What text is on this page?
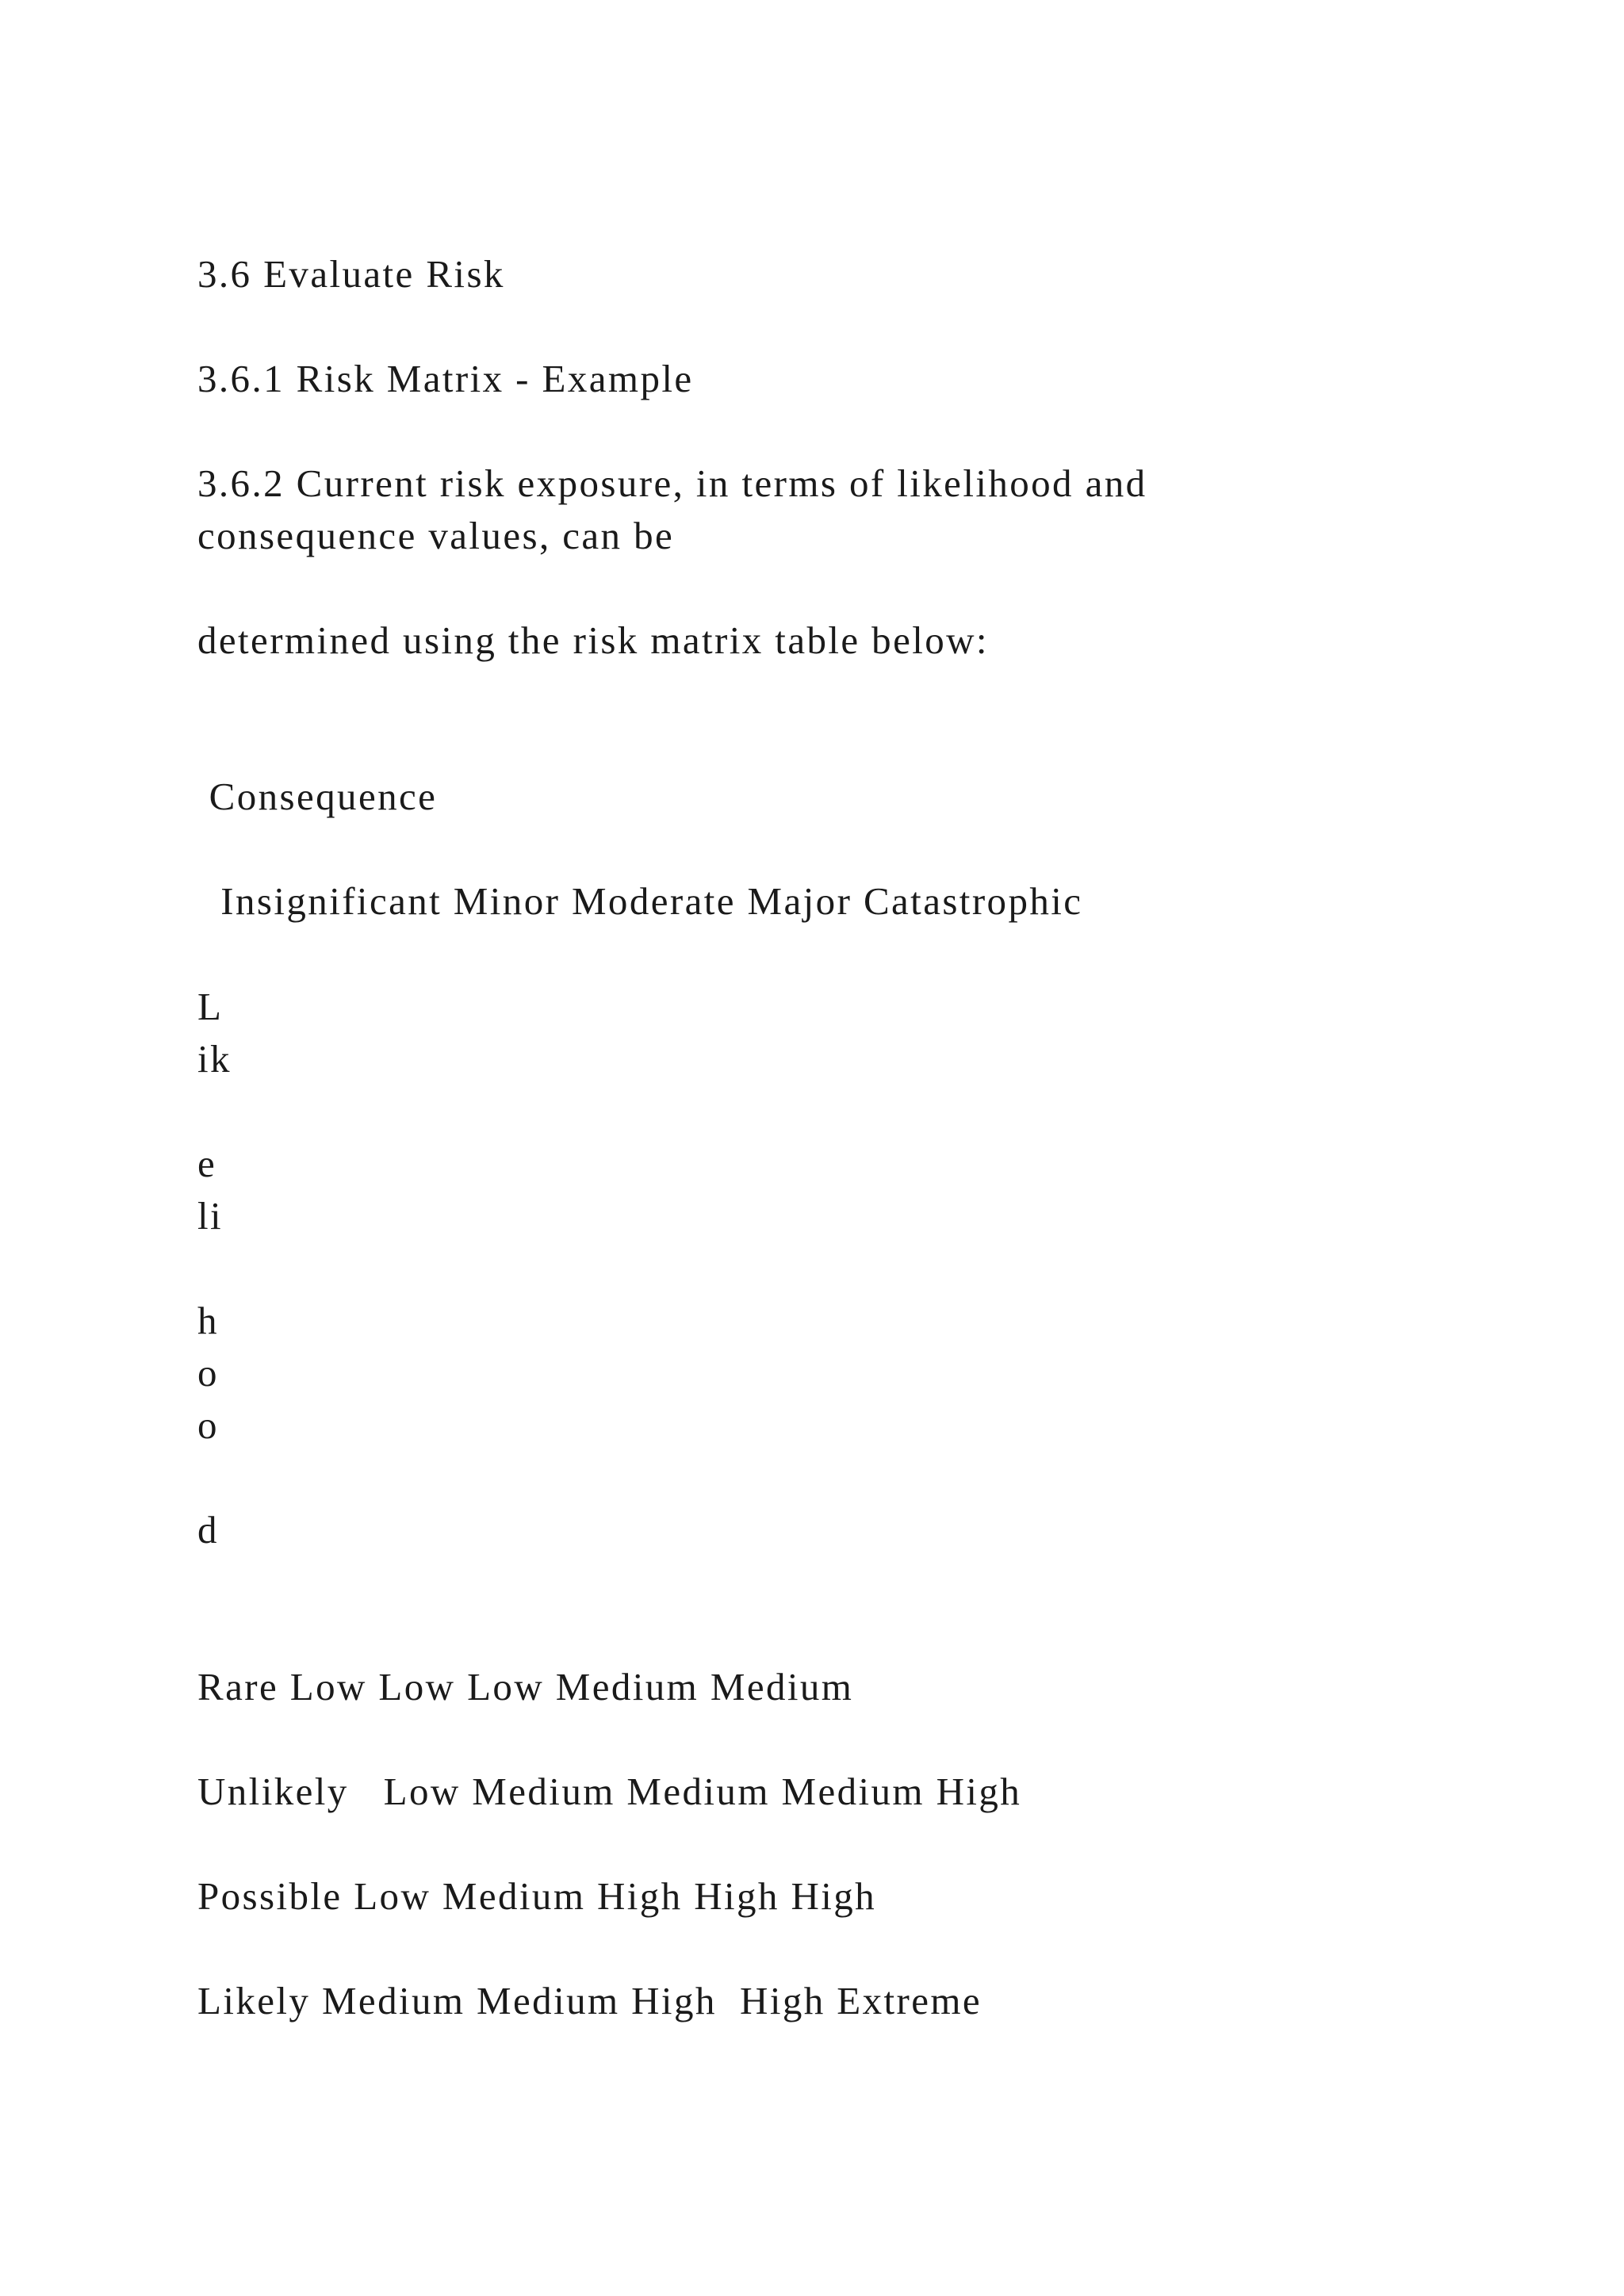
3.6 Evaluate Risk
3.6.1 Risk Matrix - Example
3.6.2 Current risk exposure, in terms of likelihood and
consequence values, can be
determined using the risk matrix table below:
Consequence
Insignificant Minor Moderate Major Catastrophic
L
ik
e
li
h
o
o
d
Rare Low Low Low Medium Medium
Unlikely   Low Medium Medium Medium High
Possible Low Medium High High High
Likely Medium Medium High  High Extreme
